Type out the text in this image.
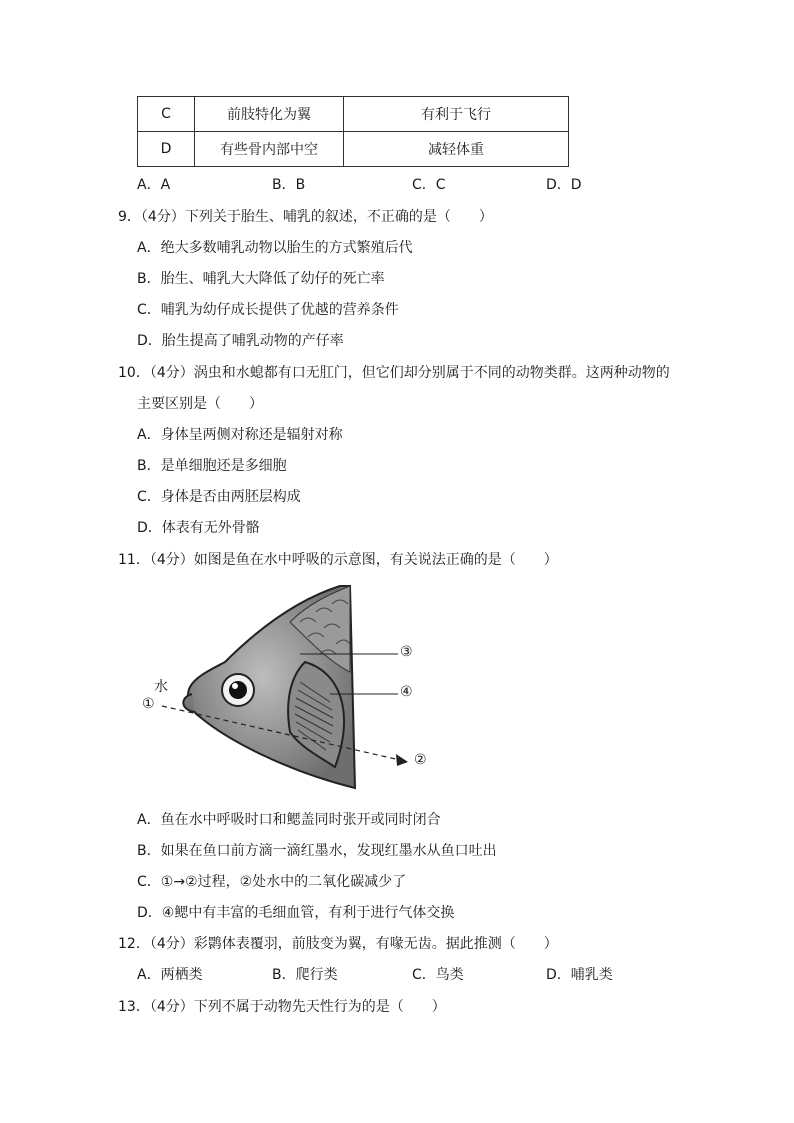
C	前肢特化为翼	有利于飞行
D	有些骨内部中空	减轻体重
A．A	B．B	C．C	D．D
9．（4分）下列关于胎生、哺乳的叙述，不正确的是（　　）
A．绝大多数哺乳动物以胎生的方式繁殖后代
B．胎生、哺乳大大降低了幼仔的死亡率
C．哺乳为幼仔成长提供了优越的营养条件
D．胎生提高了哺乳动物的产仔率
10．（4分）涡虫和水螅都有口无肛门，但它们却分别属于不同的动物类群。这两种动物的
主要区别是（　　）
A．身体呈两侧对称还是辐射对称
B．是单细胞还是多细胞
C．身体是否由两胚层构成
D．体表有无外骨骼
11．（4分）如图是鱼在水中呼吸的示意图，有关说法正确的是（　　）
水
①
②
③
④
A．鱼在水中呼吸时口和鳃盖同时张开或同时闭合
B．如果在鱼口前方滴一滴红墨水，发现红墨水从鱼口吐出
C．①→②过程，②处水中的二氧化碳减少了
D．④鳃中有丰富的毛细血管，有利于进行气体交换
12．（4分）彩鹮体表覆羽，前肢变为翼，有喙无齿。据此推测（　　）
A．两栖类	B．爬行类	C．鸟类	D．哺乳类
13．（4分）下列不属于动物先天性行为的是（　　）
